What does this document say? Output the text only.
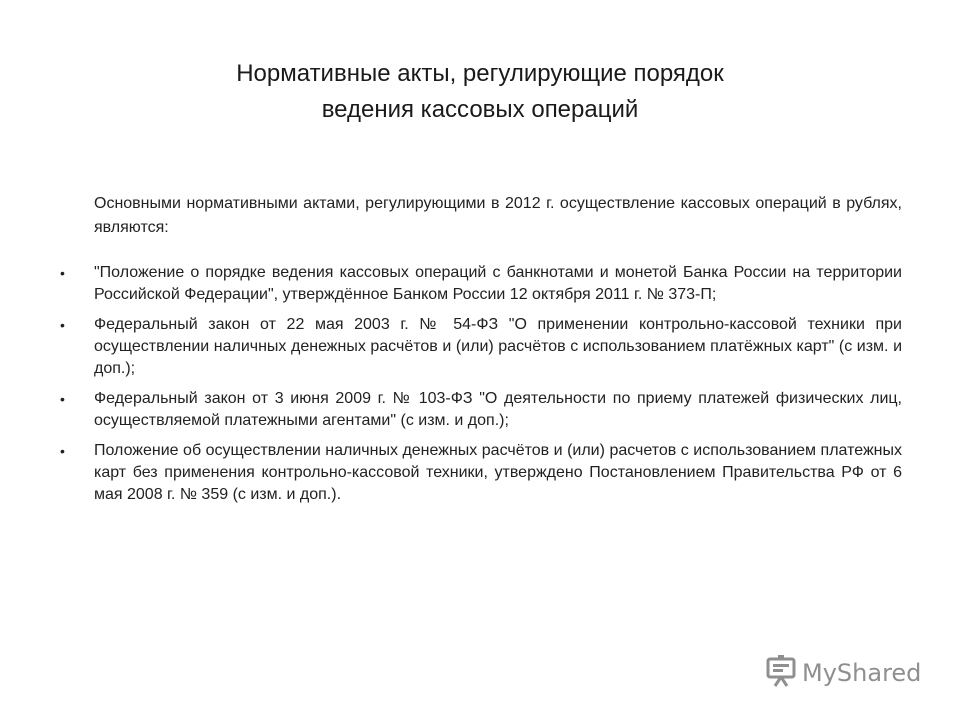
Нормативные акты, регулирующие порядок
ведения кассовых операций

Основными нормативными актами, регулирующими в 2012 г. осуществление кассовых операций в рублях, являются:

• "Положение о порядке ведения кассовых операций с банкнотами и монетой Банка России на территории Российской Федерации", утверждённое Банком России 12 октября 2011 г. № 373-П;
• Федеральный закон от 22 мая 2003 г. № 54-ФЗ "О применении контрольно-кассовой техники при осуществлении наличных денежных расчётов и (или) расчётов с использованием платёжных карт" (с изм. и доп.);
• Федеральный закон от 3 июня 2009 г. № 103-ФЗ "О деятельности по приему платежей физических лиц, осуществляемой платежными агентами" (с изм. и доп.);
• Положение об осуществлении наличных денежных расчётов и (или) расчетов с использованием платежных карт без применения контрольно-кассовой техники, утверждено Постановлением Правительства РФ от 6 мая 2008 г. № 359 (с изм. и доп.).
MyShared
